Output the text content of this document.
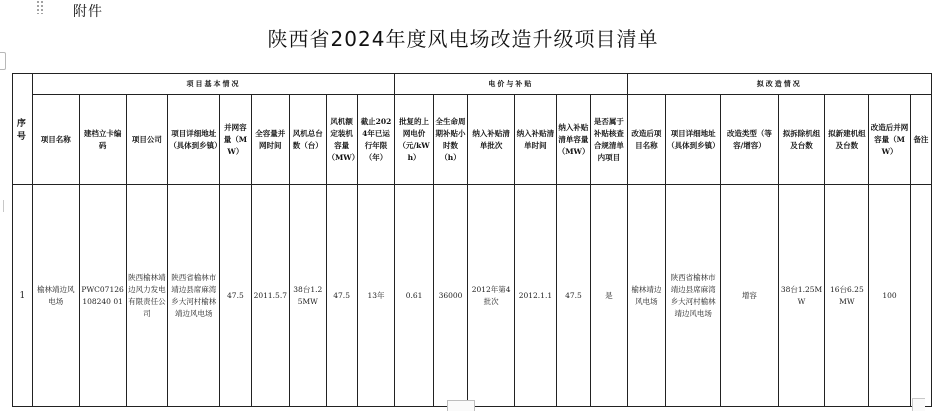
附件
陕西省2024年度风电场改造升级项目清单
序号	项目基本情况									电价与补贴						拟改造情况						
	项目名称	建档立卡编码	项目公司	项目详细地址（具体到乡镇）	并网容量（MW）	全容量并网时间	风机总台数（台）	风机额定装机容量（MW）	截止2024年已运行年限（年）	批复的上网电价（元/kWh）	全生命周期补贴小时数（h）	纳入补贴清单批次	纳入补贴清单时间	纳入补贴清单容量（MW）	是否属于补贴核查合规清单内项目	改造后项目名称	项目详细地址（具体到乡镇）	改造类型（等容/增容）	拟拆除机组及台数	拟新建机组及台数	改造后并网容量（MW）	备注
1	榆林靖边风电场	PWC07126108240 01	陕西榆林靖边风力发电有限责任公司	陕西省榆林市靖边县席麻湾乡大河村榆林靖边风电场	47.5	2011.5.7	38台1.25MW	47.5	13年	0.61	36000	2012年第4批次	2012.1.1	47.5	是	榆林靖边风电场	陕西省榆林市靖边县席麻湾乡大河村榆林靖边风电场	增容	38台1.25MW	16台6.25MW	100	
